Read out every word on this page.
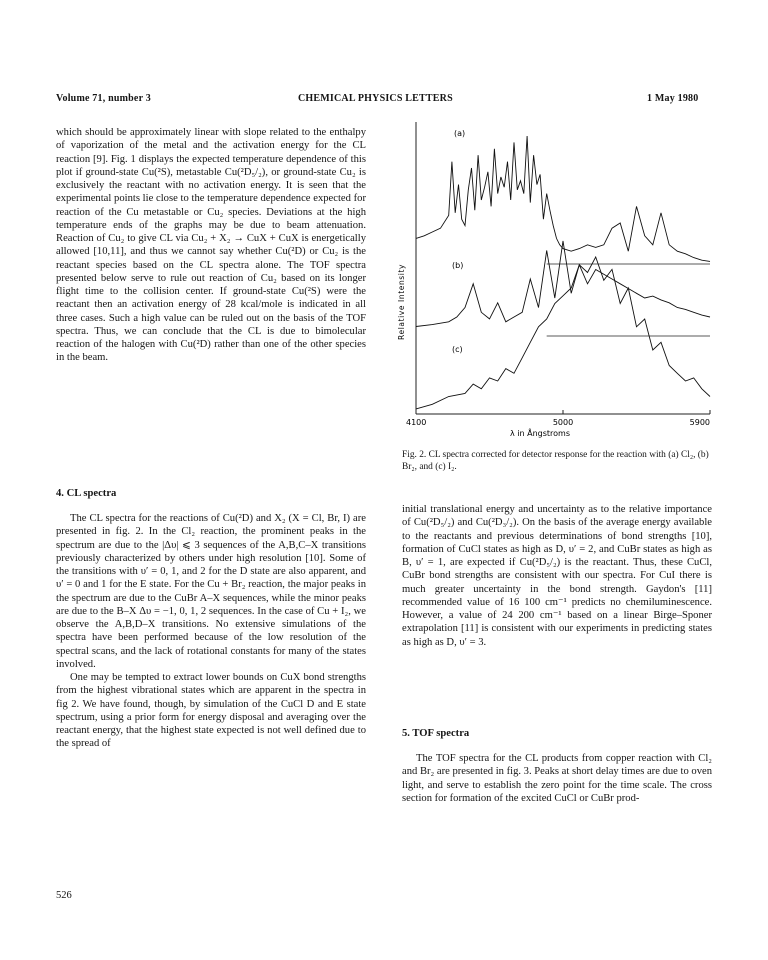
Volume 71, number 3	CHEMICAL PHYSICS LETTERS	1 May 1980

which should be approximately linear with slope related to the enthalpy of vaporization of the metal and the activation energy for the CL reaction [9]. Fig. 1 displays the expected temperature dependence of this plot if ground-state Cu(²S), metastable Cu(²D₅/₂), or ground-state Cu₂ is exclusively the reactant with no activation energy. It is seen that the experimental points lie close to the temperature dependence expected for reaction of the Cu metastable or Cu₂ species. Deviations at the high temperature ends of the graphs may be due to beam attenuation. Reaction of Cu₂ to give CL via Cu₂ + X₂ → CuX + CuX is energetically allowed [10,11], and thus we cannot say whether Cu(²D) or Cu₂ is the reactant species based on the CL spectra alone. The TOF spectra presented below serve to rule out reaction of Cu₂ based on its longer flight time to the collision center. If ground-state Cu(²S) were the reactant then an activation energy of 28 kcal/mole is indicated in all three cases. Such a high value can be ruled out on the basis of the TOF spectra. Thus, we can conclude that the CL is due to bimolecular reaction of the halogen with Cu(²D) rather than one of the other species in the beam.

4. CL spectra

The CL spectra for the reactions of Cu(²D) and X₂ (X = Cl, Br, I) are presented in fig. 2. In the Cl₂ reaction, the prominent peaks in the spectrum are due to the |Δυ| ⩽ 3 sequences of the A,B,C–X transitions previously characterized by others under high resolution [10]. Some of the transitions with υ′ = 0, 1, and 2 for the D state are also apparent, and υ′ = 0 and 1 for the E state. For the Cu + Br₂ reaction, the major peaks in the spectrum are due to the CuBr A–X sequences, while the minor peaks are due to the B–X Δυ = −1, 0, 1, 2 sequences. In the case of Cu + I₂, we observe the A,B,D–X transitions. No extensive simulations of the spectra have been performed because of the low resolution of the spectral scans, and the lack of rotational constants for many of the states involved.

One may be tempted to extract lower bounds on CuX bond strengths from the highest vibrational states which are apparent in the spectra in fig 2. We have found, though, by simulation of the CuCl D and E state spectrum, using a prior form for energy disposal and averaging over the reactant energy, that the highest state expected is not well defined due to the spread of

initial translational energy and uncertainty as to the relative importance of Cu(²D₅/₂) and Cu(²D₃/₂). On the basis of the average energy available to the reactants and previous determinations of bond strengths [10], formation of CuCl states as high as D, υ′ = 2, and CuBr states as high as B, υ′ = 1, are expected if Cu(²D₅/₂) is the reactant. Thus, these CuCl, CuBr bond strengths are consistent with our spectra. For CuI there is much greater uncertainty in the bond strength. Gaydon's [11] recommended value of 16 100 cm⁻¹ predicts no chemiluminescence. However, a value of 24 200 cm⁻¹ based on a linear Birge–Sponer extrapolation [11] is consistent with our experiments in predicting states as high as D, υ′ = 3.

5. TOF spectra

The TOF spectra for the CL products from copper reaction with Cl₂ and Br₂ are presented in fig. 3. Peaks at short delay times are due to oven light, and serve to establish the zero point for the time scale. The cross section for formation of the excited CuCl or CuBr prod-

4100	5000	5900
(a)
(b)
(c)
Relative Intensity
λ in Ångstroms
Fig. 2. CL spectra corrected for detector response for the reaction with (a) Cl₂, (b) Br₂, and (c) I₂.
526
